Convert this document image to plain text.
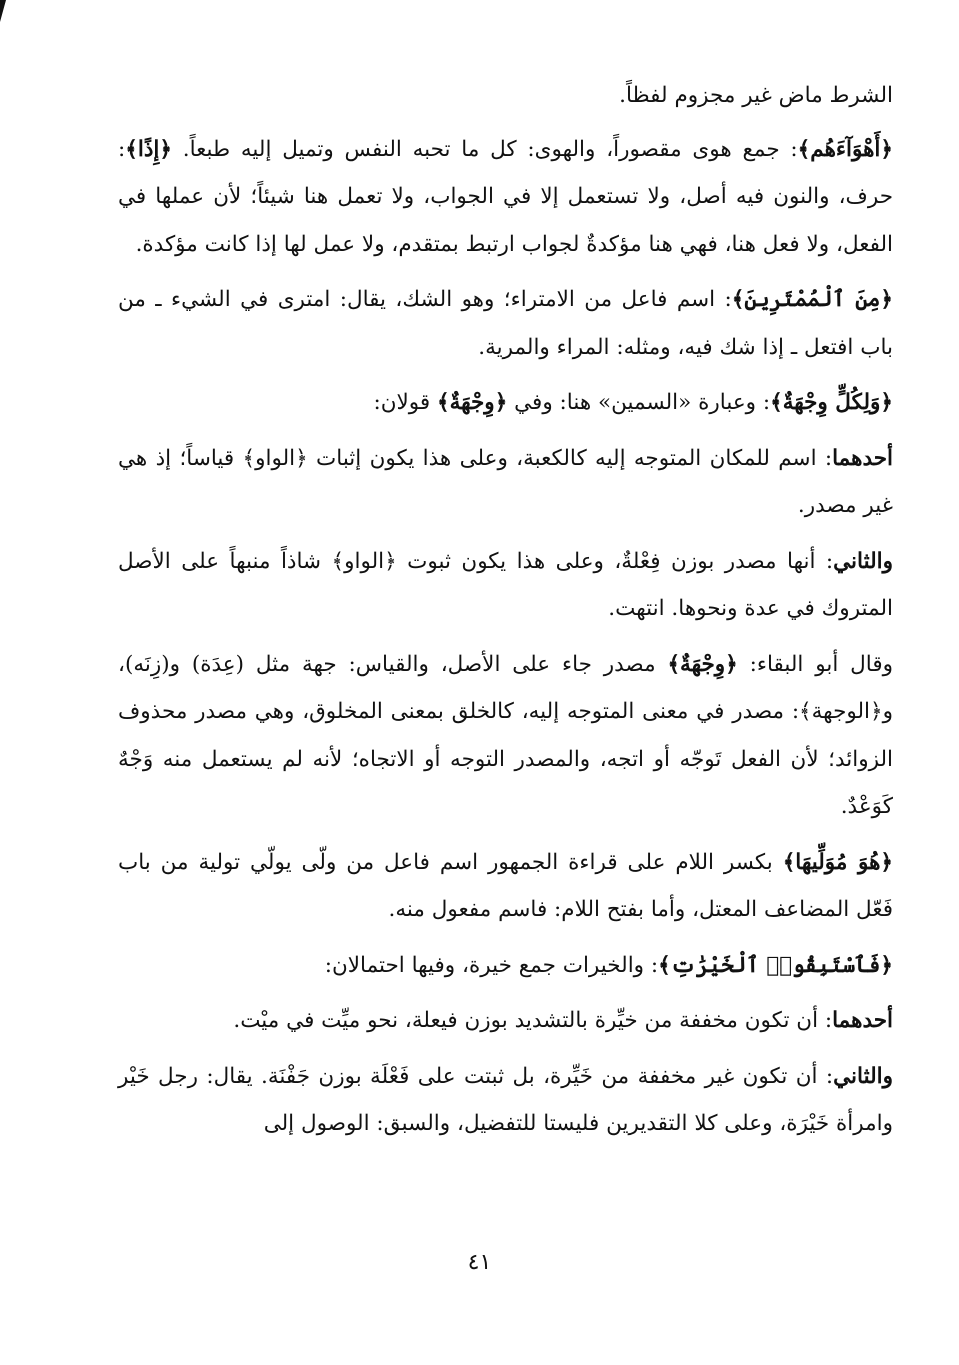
الشرط ماض غير مجزوم لفظاً.

﴿أَهْوَآءَهُم﴾: جمع هوى مقصوراً، والهوى: كل ما تحبه النفس وتميل إليه طبعاً. ﴿إِذًا﴾: حرف، والنون فيه أصل، ولا تستعمل إلا في الجواب، ولا تعمل هنا شيئاً؛ لأن عملها في الفعل، ولا فعل هنا، فهي هنا مؤكدةٌ لجواب ارتبط بمتقدم، ولا عمل لها إذا كانت مؤكدة.

﴿مِنَ ٱلْمُمْتَرِينَ﴾: اسم فاعل من الامتراء؛ وهو الشك، يقال: امترى في الشيء ـ من باب افتعل ـ إذا شك فيه، ومثله: المراء والمرية.

﴿وَلِكُلٍّ وِجْهَةٌ﴾: وعبارة «السمين» هنا: وفي ﴿وِجْهَةٌ﴾ قولان:

أحدهما: اسم للمكان المتوجه إليه كالكعبة، وعلى هذا يكون إثبات ﴿الواو﴾ قياساً؛ إذ هي غير مصدر.

والثاني: أنها مصدر بوزن فِعْلةٌ، وعلى هذا يكون ثبوت ﴿الواو﴾ شاذاً منبهاً على الأصل المتروك في عدة ونحوها. انتهت.

وقال أبو البقاء: ﴿وِجْهَةٌ﴾ مصدر جاء على الأصل، والقياس: جهة مثل (عِدَة) و(زِنَه)، و﴿الوجهة﴾: مصدر في معنى المتوجه إليه، كالخلق بمعنى المخلوق، وهي مصدر محذوف الزوائد؛ لأن الفعل تَوجّه أو اتجه، والمصدر التوجه أو الاتجاه؛ لأنه لم يستعمل منه وَجْهٌ كَوَعْدٌ.

﴿هُوَ مُوَلِّيهَا﴾ بكسر اللام على قراءة الجمهور اسم فاعل من ولّى يولّي تولية من باب فَعّل المضاعف المعتل، وأما بفتح اللام: فاسم مفعول منه.

﴿فَٱسْتَبِقُوا۟ ٱلْخَيْرَٰتِ﴾: والخيرات جمع خيرة، وفيها احتمالان:

أحدهما: أن تكون مخففة من خيِّرة بالتشديد بوزن فيعلة، نحو ميِّت في ميْت.

والثاني: أن تكون غير مخففة من خَيِّرة، بل ثبتت على فَعْلَة بوزن جَفْنَة. يقال: رجل خَيْر وامرأة خَيْرَة، وعلى كلا التقديرين فليستا للتفضيل، والسبق: الوصول إلى

٤١
